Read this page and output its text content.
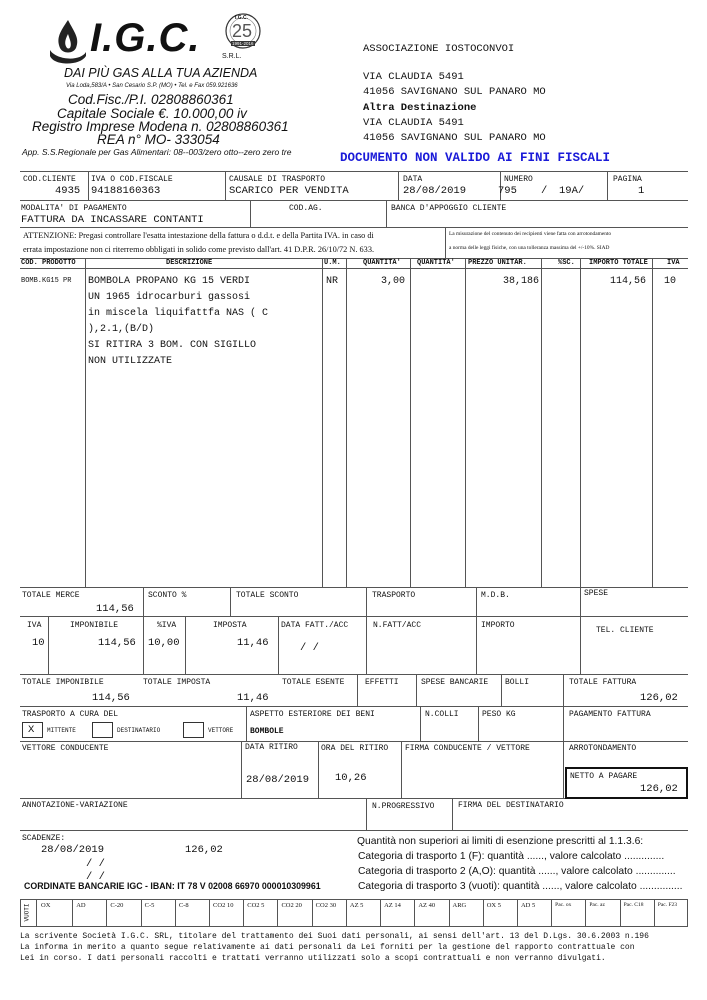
I.G.C.	S.R.L.
25
I.G.C.
1991-2016
DAI PIÙ GAS ALLA TUA AZIENDA
Via Loda,583/A • San Cesario S.P. (MO) • Tel. e Fax 059.921636
Cod.Fisc./P.I. 02808860361
Capitale Sociale €. 10.000,00 iv
Registro Imprese Modena n. 02808860361
REA n° MO- 333054
App. S.S.Regionale per Gas Alimentari: 08--003/zero otto--zero zero tre
ASSOCIAZIONE IOSTOCONVOI
VIA CLAUDIA 5491
41056 SAVIGNANO SUL PANARO MO
Altra Destinazione
VIA CLAUDIA 5491
41056 SAVIGNANO SUL PANARO MO
DOCUMENTO NON VALIDO AI FINI FISCALI
COD.CLIENTE
4935
IVA O COD.FISCALE
94188160363
CAUSALE DI TRASPORTO
SCARICO PER VENDITA
DATA
28/08/2019
NUMERO
795 / 19A/
PAGINA
1
MODALITA' DI PAGAMENTO
FATTURA DA INCASSARE CONTANTI
COD.AG.	BANCA D'APPOGGIO CLIENTE
ATTENZIONE: Pregasi controllare l'esatta intestazione della fattura o d.d.t. e della Partita IVA. in caso di
errata impostazione non ci riterremo obbligati in solido come previsto dall'art. 41 D.P.R. 26/10/72 N. 633.
La misurazione del contenuto dei recipienti viene fatta con arrotondamento
a norma delle leggi fisiche, con una tolleranza massima del +/-10%. SIAD
COD. PRODOTTO	DESCRIZIONE	U.M.	QUANTITA' QUANTITA' PREZZO UNITAR.	%SC. IMPORTO TOTALE	IVA
BOMB.KG15 PR BOMBOLA PROPANO KG 15 VERDI
UN 1965 idrocarburi gassosi
in miscela liquifattfa NAS ( C
),2.1,(B/D)
SI RITIRA 3 BOM. CON SIGILLO
NON UTILIZZATE
NR	3,00	38,186	114,56 10
TOTALE MERCE
114,56
SCONTO %	TOTALE SCONTO	TRASPORTO	M.D.B.	SPESE
IVA
10
IMPONIBILE
114,56
%IVA
10,00
IMPOSTA
11,46
DATA FATT./ACC
/ /
N.FATT/ACC	IMPORTO
TEL. CLIENTE
TOTALE IMPONIBILE
114,56
TOTALE IMPOSTA
11,46
TOTALE ESENTE	EFFETTI	SPESE BANCARIE BOLLI	TOTALE FATTURA
126,02
TRASPORTO A CURA DEL
X MITTENTE	DESTINATARIO	VETTORE
ASPETTO ESTERIORE DEI BENI
BOMBOLE
N.COLLI	PESO KG	PAGAMENTO FATTURA
VETTORE CONDUCENTE	DATA RITIRO
28/08/2019
ORA DEL RITIRO
10,26
FIRMA CONDUCENTE / VETTORE	ARROTONDAMENTO
NETTO A PAGARE
126,02
ANNOTAZIONE-VARIAZIONE	N.PROGRESSIVO	FIRMA DEL DESTINATARIO
SCADENZE:
28/08/2019	126,02
/ /
/ /
CORDINATE BANCARIE IGC - IBAN: IT 78 V 02008 66970 000010309961
Quantità non superiori ai limiti di esenzione prescritti al 1.1.3.6:
Categoria di trasporto 1 (F): quantità ......, valore calcolato ..............
Categoria di trasporto 2 (A,O): quantità ......, valore calcolato ..............
Categoria di trasporto 3 (vuoti): quantità ......, valore calcolato ...............
VUOTI OX	AD	C-20	C-5	C-8	CO2 10 CO2 5	CO2 20 CO2 30 AZ 5	AZ 14	AZ 40	ARG	OX 5	AD 5	Pac. ox	Pac. az	Pac. C18	Pac. F23
La scrivente Società I.G.C. SRL, titolare del trattamento dei Suoi dati personali, ai sensi dell'art. 13 del D.Lgs. 30.6.2003 n.196
La informa in merito a quanto segue relativamente ai dati personali da Lei forniti per la gestione del rapporto contrattuale con
Lei in corso. I dati personali raccolti e trattati verranno utilizzati solo a scopi contrattuali e non verranno divulgati.
